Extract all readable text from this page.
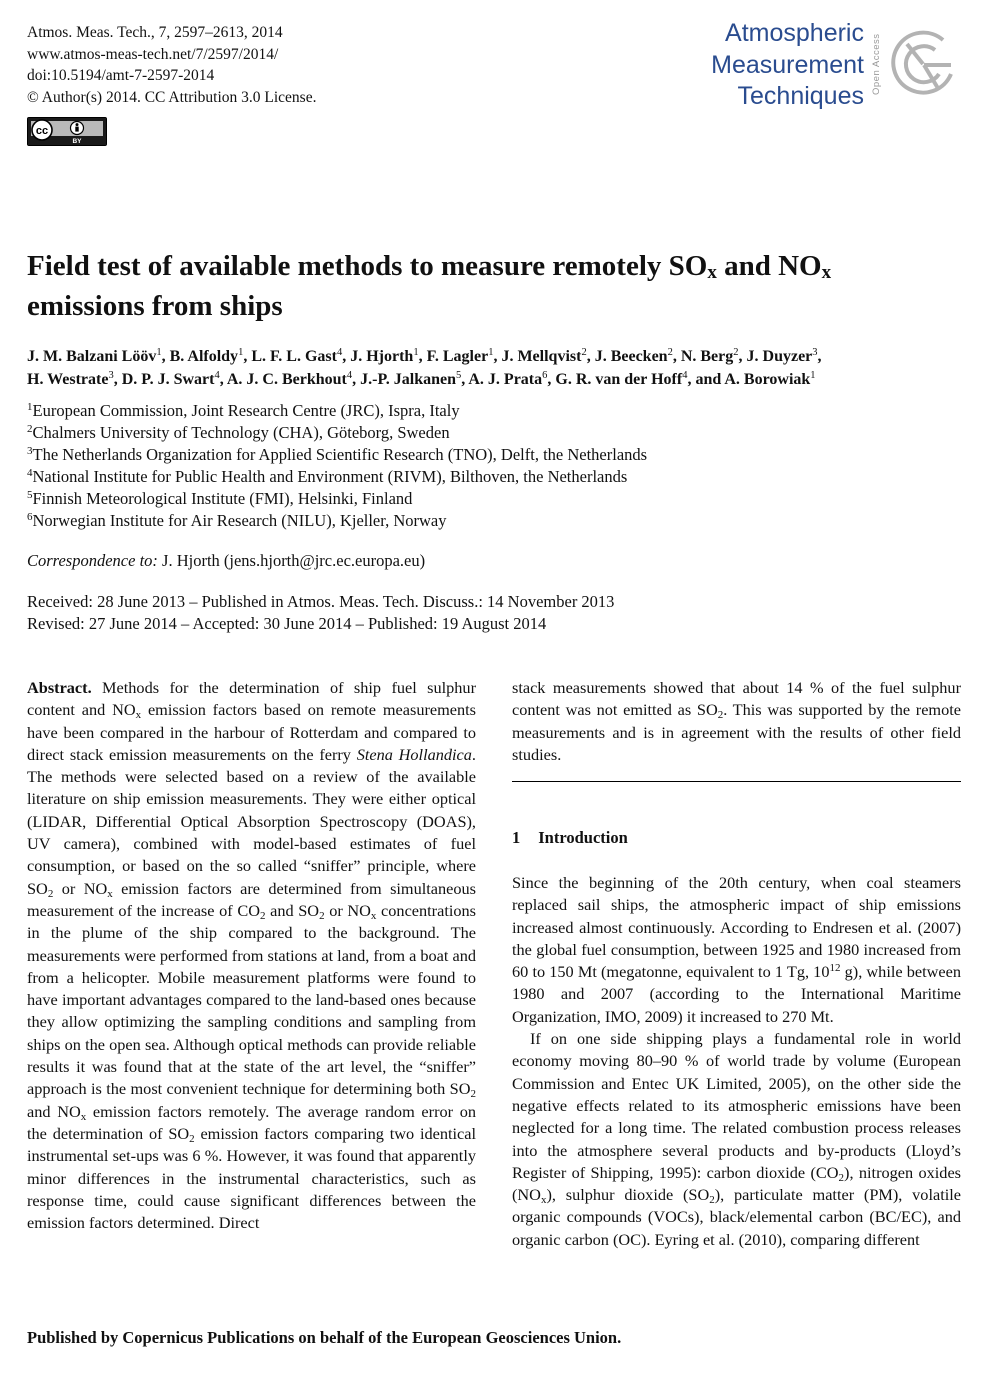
Atmos. Meas. Tech., 7, 2597–2613, 2014
www.atmos-meas-tech.net/7/2597/2014/
doi:10.5194/amt-7-2597-2014
© Author(s) 2014. CC Attribution 3.0 License.
cc
BY
Atmospheric
Measurement
Techniques
Open Access
Field test of available methods to measure remotely $SO_x$ and $NO_x$
emissions from ships
J. M. Balzani Lööv$^1$, B. Alfoldy$^1$, L. F. L. Gast$^4$, J. Hjorth$^1$, F. Lagler$^1$, J. Mellqvist$^2$, J. Beecken$^2$, N. Berg$^2$, J. Duyzer$^3$,
H. Westrate$^3$, D. P. J. Swart$^4$, A. J. C. Berkhout$^4$, J.-P. Jalkanen$^5$, A. J. Prata$^6$, G. R. van der Hoff$^4$, and A. Borowiak$^1$

$^1$European Commission, Joint Research Centre (JRC), Ispra, Italy

$^2$Chalmers University of Technology (CHA), Göteborg, Sweden

$^3$The Netherlands Organization for Applied Scientific Research (TNO), Delft, the Netherlands

$^4$National Institute for Public Health and Environment (RIVM), Bilthoven, the Netherlands

$^5$Finnish Meteorological Institute (FMI), Helsinki, Finland

$^6$Norwegian Institute for Air Research (NILU), Kjeller, Norway

Correspondence to: J. Hjorth (jens.hjorth@jrc.ec.europa.eu)
Received: 28 June 2013 – Published in Atmos. Meas. Tech. Discuss.: 14 November 2013
Revised: 27 June 2014 – Accepted: 30 June 2014 – Published: 19 August 2014

Abstract. Methods for the determination of ship fuel sulphur content and $NO_x$ emission factors based on remote measurements have been compared in the harbour of Rotterdam and compared to direct stack emission measurements on the ferry Stena Hollandica. The methods were selected based on a review of the available literature on ship emission measurements. They were either optical (LIDAR, Differential Optical Absorption Spectroscopy (DOAS), UV camera), combined with model-based estimates of fuel consumption, or based on the so called “sniffer” principle, where $SO_2$ or $NO_x$ emission factors are determined from simultaneous measurement of the increase of $CO_2$ and $SO_2$ or $NO_x$ concentrations in the plume of the ship compared to the background. The measurements were performed from stations at land, from a boat and from a helicopter. Mobile measurement platforms were found to have important advantages compared to the land-based ones because they allow optimizing the sampling conditions and sampling from ships on the open sea. Although optical methods can provide reliable results it was found that at the state of the art level, the “sniffer” approach is the most convenient technique for determining both $SO_2$ and $NO_x$ emission factors remotely. The average random error on the determination of $SO_2$ emission factors comparing two identical instrumental set-ups was 6 %. However, it was found that apparently minor differences in the instrumental characteristics, such as response time, could cause significant differences between the emission factors determined. Direct

stack measurements showed that about 14 % of the fuel sulphur content was not emitted as $SO_2$. This was supported by the remote measurements and is in agreement with the results of other field studies.

1 Introduction

Since the beginning of the 20th century, when coal steamers replaced sail ships, the atmospheric impact of ship emissions increased almost continuously. According to Endresen et al. (2007) the global fuel consumption, between 1925 and 1980 increased from 60 to 150 Mt (megatonne, equivalent to 1 Tg, $10^{12}$ g), while between 1980 and 2007 (according to the International Maritime Organization, IMO, 2009) it increased to 270 Mt.

If on one side shipping plays a fundamental role in world economy moving 80–90 % of world trade by volume (European Commission and Entec UK Limited, 2005), on the other side the negative effects related to its atmospheric emissions have been neglected for a long time. The related combustion process releases into the atmosphere several products and by-products (Lloyd’s Register of Shipping, 1995): carbon dioxide $(CO_2)$, nitrogen oxides $(NO_x)$, sulphur dioxide $(SO_2)$, particulate matter (PM), volatile organic compounds (VOCs), black/elemental carbon (BC/EC), and organic carbon (OC). Eyring et al. (2010), comparing different

Published by Copernicus Publications on behalf of the European Geosciences Union.
